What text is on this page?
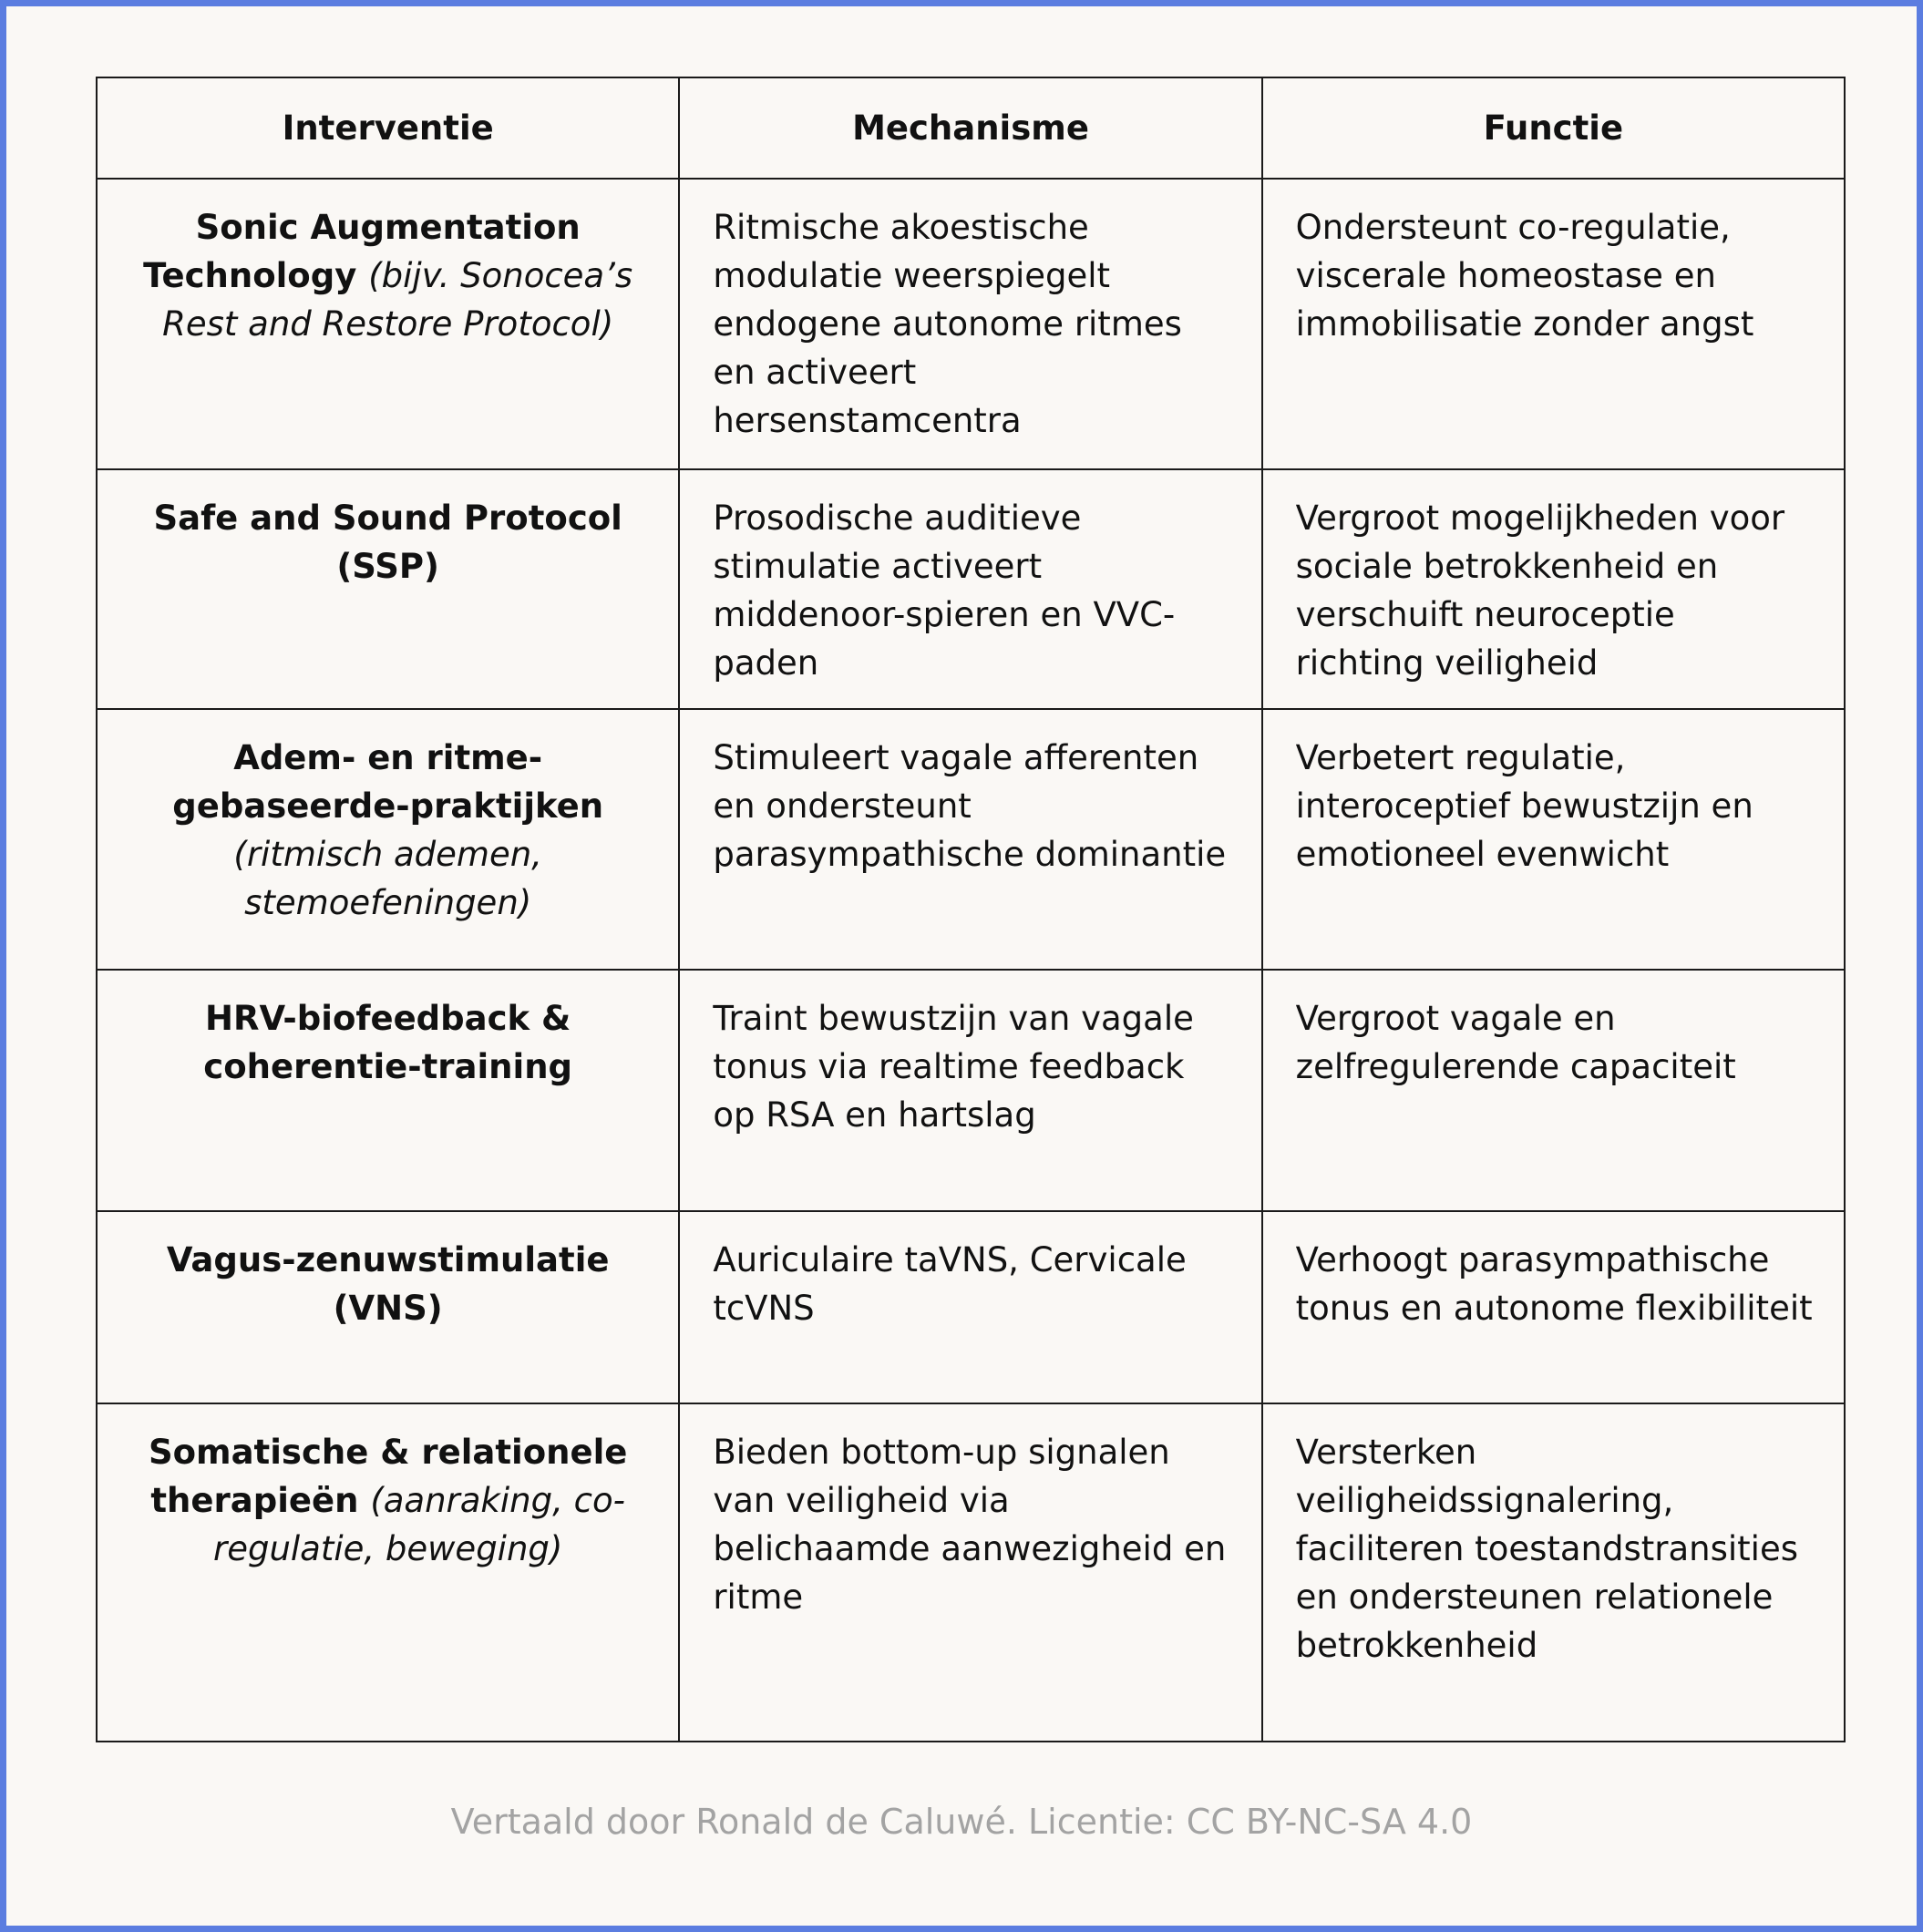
Interventie	Mechanisme	Functie
Sonic Augmentation Technology (bijv. Sonocea’s Rest and Restore Protocol)	Ritmische akoestische modulatie weerspiegelt endogene autonome ritmes en activeert hersenstamcentra	Ondersteunt co-regulatie, viscerale homeostase en immobilisatie zonder angst
Safe and Sound Protocol (SSP)	Prosodische auditieve stimulatie activeert middenoor-spieren en VVC-paden	Vergroot mogelijkheden voor sociale betrokkenheid en verschuift neuroceptie richting veiligheid
Adem- en ritme-gebaseerde-praktijken (ritmisch ademen, stemoefeningen)	Stimuleert vagale afferenten en ondersteunt parasympathische dominantie	Verbetert regulatie, interoceptief bewustzijn en emotioneel evenwicht
HRV-biofeedback & coherentie-training	Traint bewustzijn van vagale tonus via realtime feedback op RSA en hartslag	Vergroot vagale en zelfregulerende capaciteit
Vagus-zenuwstimulatie (VNS)	Auriculaire taVNS, Cervicale tcVNS	Verhoogt parasympathische tonus en autonome flexibiliteit
Somatische & relationele therapieën (aanraking, co-regulatie, beweging)	Bieden bottom-up signalen van veiligheid via belichaamde aanwezigheid en ritme	Versterken veiligheidssignalering, faciliteren toestandstransities en ondersteunen relationele betrokkenheid
Vertaald door Ronald de Caluwé. Licentie: CC BY-NC-SA 4.0
